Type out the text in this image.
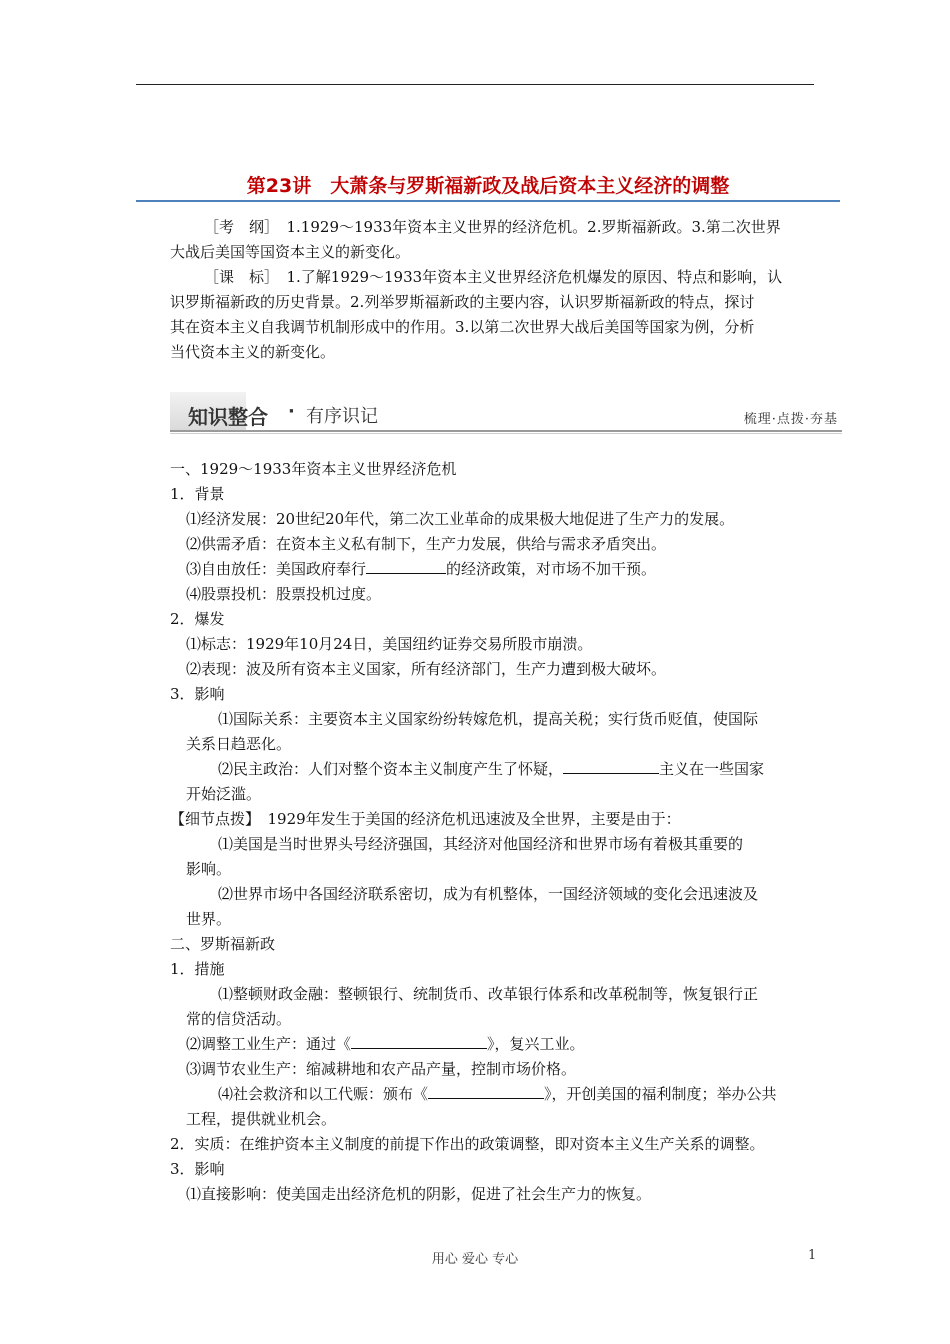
第23讲　大萧条与罗斯福新政及战后资本主义经济的调整
［考　纲］　1.1929～1933年资本主义世界的经济危机。2.罗斯福新政。3.第二次世界
大战后美国等国资本主义的新变化。
［课　标］　1.了解1929～1933年资本主义世界经济危机爆发的原因、特点和影响，认
识罗斯福新政的历史背景。2.列举罗斯福新政的主要内容，认识罗斯福新政的特点，探讨
其在资本主义自我调节机制形成中的作用。3.以第二次世界大战后美国等国家为例，分析
当代资本主义的新变化。
知识整合 · 有序识记	梳理·点拨·夯基
一、1929～1933年资本主义世界经济危机
1．背景
⑴经济发展：20世纪20年代，第二次工业革命的成果极大地促进了生产力的发展。
⑵供需矛盾：在资本主义私有制下，生产力发展，供给与需求矛盾突出。
⑶自由放任：美国政府奉行	的经济政策，对市场不加干预。
⑷股票投机：股票投机过度。
2．爆发
⑴标志：1929年10月24日，美国纽约证券交易所股市崩溃。
⑵表现：波及所有资本主义国家，所有经济部门，生产力遭到极大破坏。
3．影响
⑴国际关系：主要资本主义国家纷纷转嫁危机，提高关税；实行货币贬值，使国际
关系日趋恶化。
⑵民主政治：人们对整个资本主义制度产生了怀疑，	主义在一些国家
开始泛滥。
【细节点拨】　1929年发生于美国的经济危机迅速波及全世界，主要是由于：
⑴美国是当时世界头号经济强国，其经济对他国经济和世界市场有着极其重要的
影响。
⑵世界市场中各国经济联系密切，成为有机整体，一国经济领域的变化会迅速波及
世界。
二、罗斯福新政
1．措施
⑴整顿财政金融：整顿银行、统制货币、改革银行体系和改革税制等，恢复银行正
常的信贷活动。
⑵调整工业生产：通过《	》，复兴工业。
⑶调节农业生产：缩减耕地和农产品产量，控制市场价格。
⑷社会救济和以工代赈：颁布《	》，开创美国的福利制度；举办公共
工程，提供就业机会。
2．实质：在维护资本主义制度的前提下作出的政策调整，即对资本主义生产关系的调整。
3．影响
⑴直接影响：使美国走出经济危机的阴影，促进了社会生产力的恢复。
用心 爱心 专心	1
